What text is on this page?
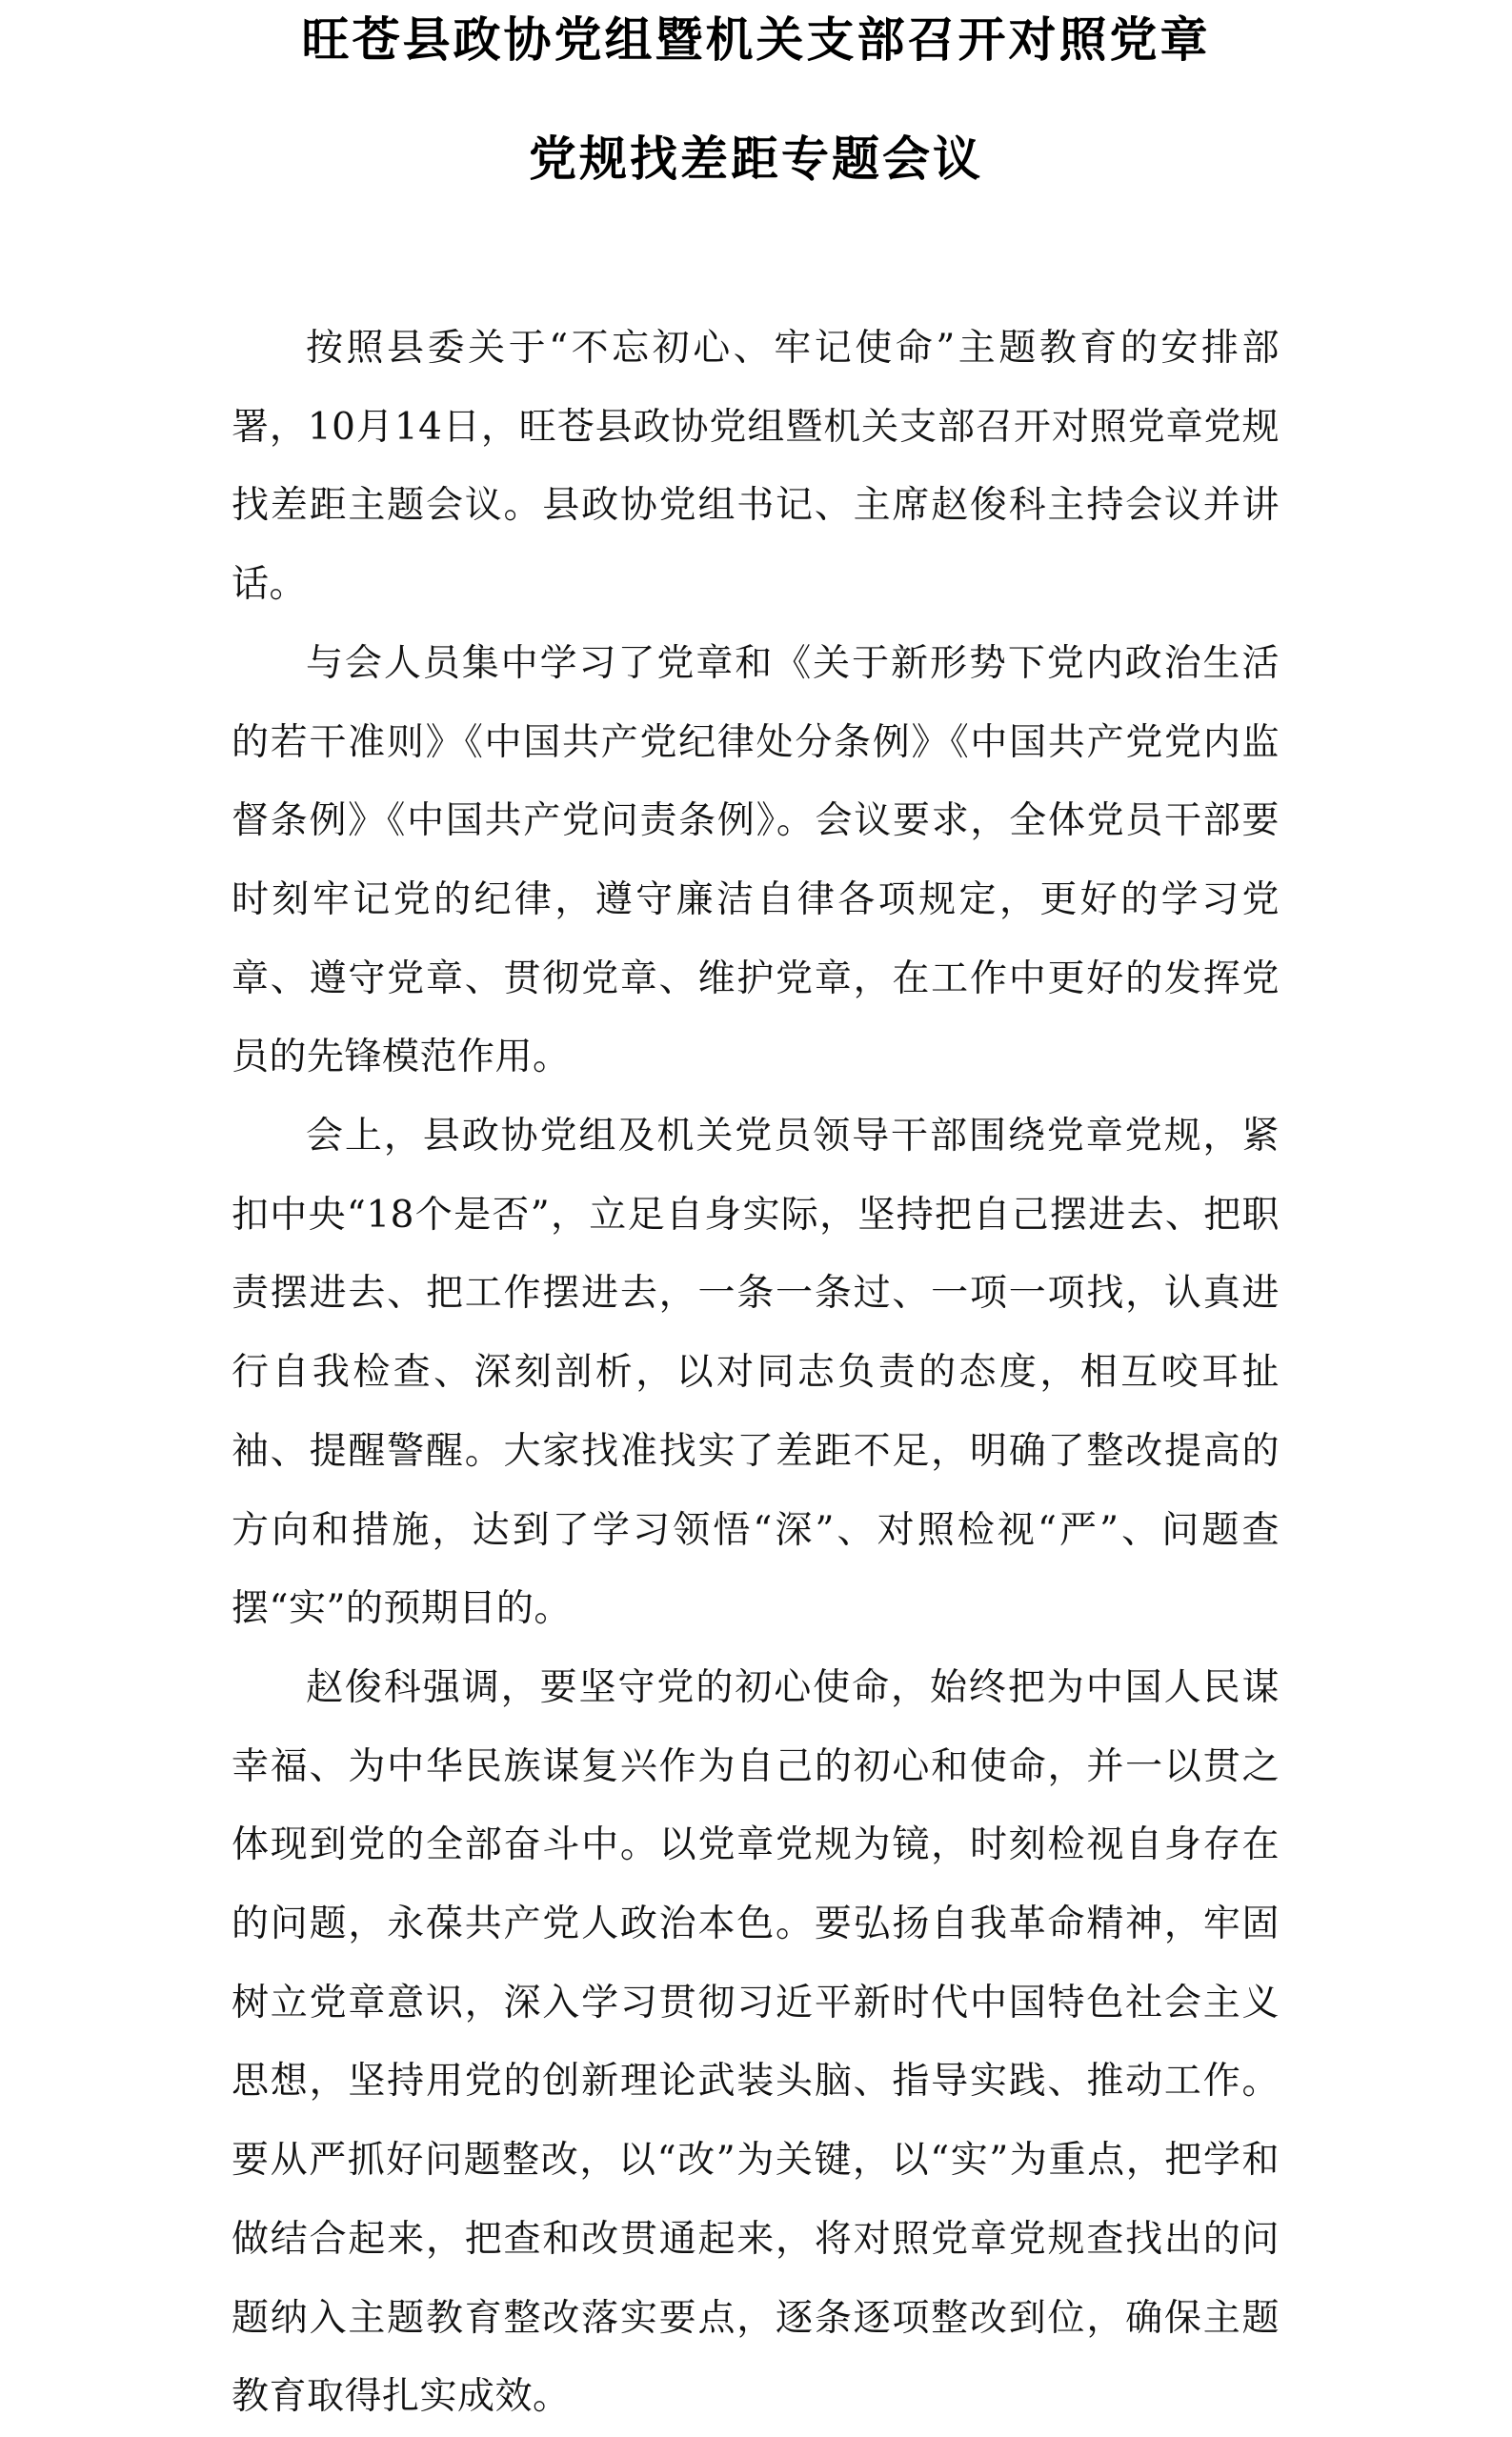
旺苍县政协党组暨机关支部召开对照党章
党规找差距专题会议

按照县委关于“不忘初心、牢记使命”主题教育的安排部署，10月14日，旺苍县政协党组暨机关支部召开对照党章党规找差距主题会议。县政协党组书记、主席赵俊科主持会议并讲话。

与会人员集中学习了党章和《关于新形势下党内政治生活的若干准则》《中国共产党纪律处分条例》《中国共产党党内监督条例》《中国共产党问责条例》。会议要求，全体党员干部要时刻牢记党的纪律，遵守廉洁自律各项规定，更好的学习党章、遵守党章、贯彻党章、维护党章，在工作中更好的发挥党员的先锋模范作用。

会上，县政协党组及机关党员领导干部围绕党章党规，紧扣中央“18个是否”，立足自身实际，坚持把自己摆进去、把职责摆进去、把工作摆进去，一条一条过、一项一项找，认真进行自我检查、深刻剖析，以对同志负责的态度，相互咬耳扯袖、提醒警醒。大家找准找实了差距不足，明确了整改提高的方向和措施，达到了学习领悟“深”、对照检视“严”、问题查摆“实”的预期目的。

赵俊科强调，要坚守党的初心使命，始终把为中国人民谋幸福、为中华民族谋复兴作为自己的初心和使命，并一以贯之体现到党的全部奋斗中。以党章党规为镜，时刻检视自身存在的问题，永葆共产党人政治本色。要弘扬自我革命精神，牢固树立党章意识，深入学习贯彻习近平新时代中国特色社会主义思想，坚持用党的创新理论武装头脑、指导实践、推动工作。要从严抓好问题整改，以“改”为关键，以“实”为重点，把学和做结合起来，把查和改贯通起来，将对照党章党规查找出的问题纳入主题教育整改落实要点，逐条逐项整改到位，确保主题教育取得扎实成效。
